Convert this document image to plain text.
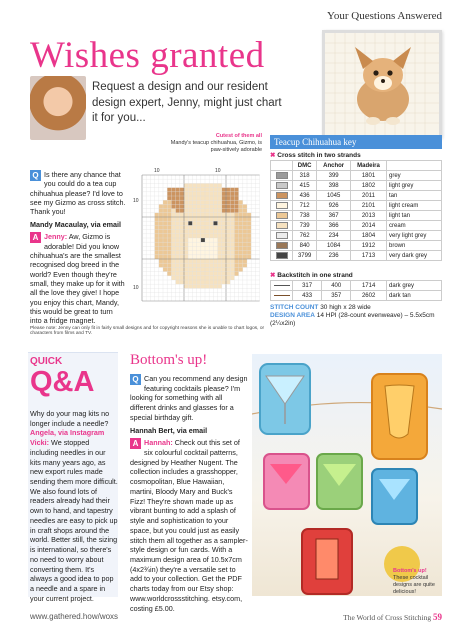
Your Questions Answered
Wishes granted
Request a design and our resident design expert, Jenny, might just chart it for you...

Q Is there any chance that you could do a tea cup chihuahua please? I'd love to see my Gizmo as cross stitch. Thank you!

Mandy Macaulay, via email

A Jenny: Aw, Gizmo is adorable! Did you know chihuahua's are the smallest recognised dog breed in the world? Even though they're small, they make up for it with all the love they give! I hope you enjoy this chart, Mandy, this would be great to turn into a fridge magnet.

Cutest of them all
Mandy's teacup chihuahua, Gizmo, is paw-sitively adorable
10	10
10
10
Teacup Chihuahua key
✖ Cross stitch in two strands
	DMC	Anchor	Madeira	

	318	399	1801	grey

	415	398	1802	light grey

	436	1045	2011	tan

	712	926	2101	light cream

	738	367	2013	light tan

	739	366	2014	cream

	762	234	1804	very light grey

	840	1084	1912	brown

	3799	236	1713	very dark grey
✖ Backstitch in one strand
	317	400	1714	dark grey

	433	357	2602	dark tan
STITCH COUNT 30 high x 28 wide
DESIGN AREA 14 HPI (28-count evenweave) – 5.5x5cm (2¼x2in)
Please note: Jenny can only fit in fairly small designs and for copyright reasons she is unable to chart logos, or characters from films and TV.
QUICK
Q&A
Why do your mag kits no longer include a needle?
Angela, via Instagram
Vicki: We stopped including needles in our kits many years ago, as new export rules made sending them more difficult. We also found lots of readers already had their own to hand, and tapestry needles are easy to pick up in craft shops around the world. Better still, the sizing is international, so there's no need to worry about converting them. It's always a good idea to pop a needle and a spare in your current project.
Bottom's up!

Q Can you recommend any design featuring cocktails please? I'm looking for something with all different drinks and glasses for a special birthday gift.

Hannah Bert, via email

A Hannah: Check out this set of six colourful cocktail patterns, designed by Heather Nugent. The collection includes a grasshopper, cosmopolitan, Blue Hawaiian, martini, Bloody Mary and Buck's Fizz! They're shown made up as vibrant bunting to add a splash of style and sophistication to your space, but you could just as easily stitch them all together as a sampler-style design or fun cards. With a maximum design area of 10.5x7cm (4x2¾in) they're a versatile set to add to your collection. Get the PDF charts today from our Etsy shop: www.worldcrossstitching. etsy.com, costing £5.00.

Bottom's up!
These cocktail designs are quite delicious!
www.gathered.how/woxs	The World of Cross Stitching 59
